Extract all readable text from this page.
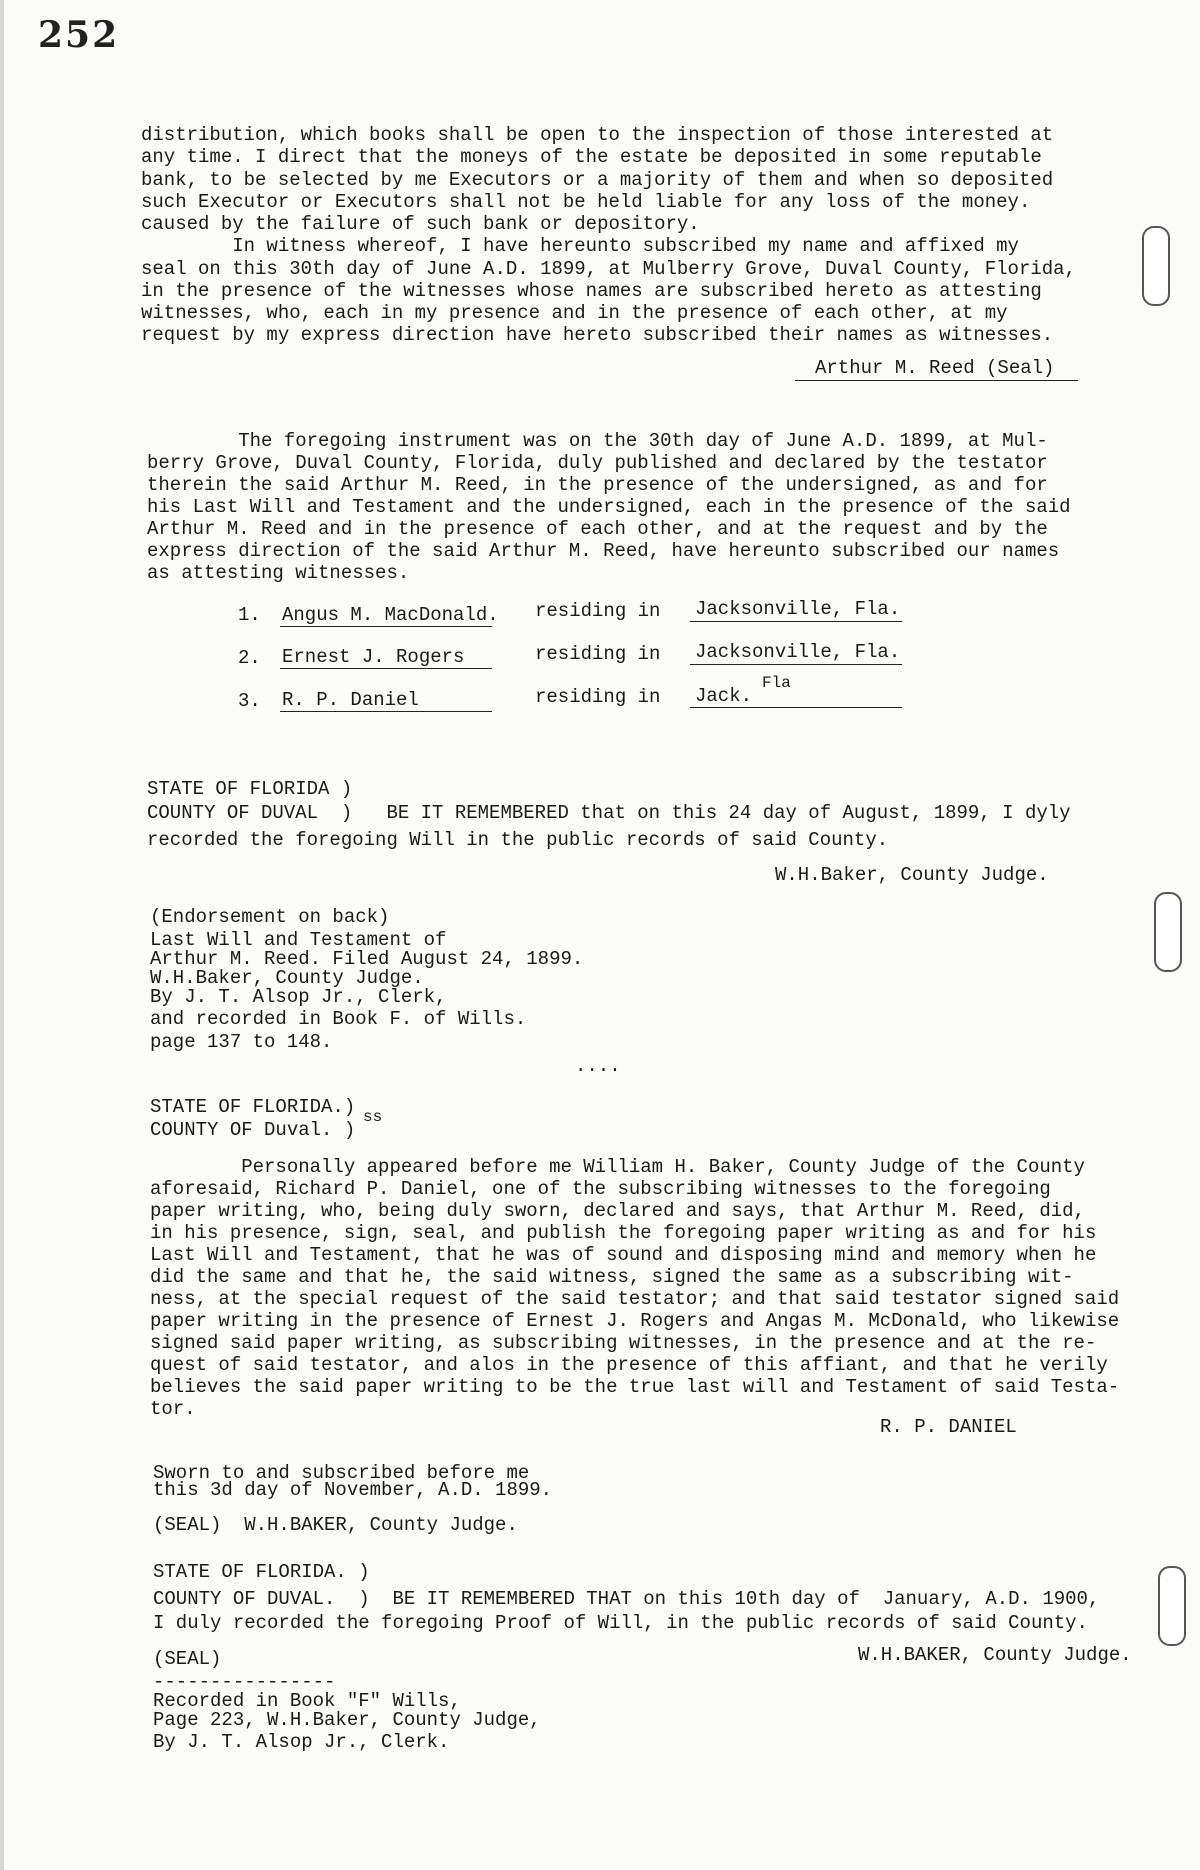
252
distribution, which books shall be open to the inspection of those interested at
any time. I direct that the moneys of the estate be deposited in some reputable
bank, to be selected by me Executors or a majority of them and when so deposited
such Executor or Executors shall not be held liable for any loss of the money.
caused by the failure of such bank or depository.
In witness whereof, I have hereunto subscribed my name and affixed my
seal on this 30th day of June A.D. 1899, at Mulberry Grove, Duval County, Florida,
in the presence of the witnesses whose names are subscribed hereto as attesting
witnesses, who, each in my presence and in the presence of each other, at my
request by my express direction have hereto subscribed their names as witnesses.
Arthur M. Reed (Seal)
The foregoing instrument was on the 30th day of June A.D. 1899, at Mul-
berry Grove, Duval County, Florida, duly published and declared by the testator
therein the said Arthur M. Reed, in the presence of the undersigned, as and for
his Last Will and Testament and the undersigned, each in the presence of the said
Arthur M. Reed and in the presence of each other, and at the request and by the
express direction of the said Arthur M. Reed, have hereunto subscribed our names
as attesting witnesses.
1. Angus M. MacDonald. residing in Jacksonville, Fla.
2. Ernest J. Rogers	residing in Jacksonville, Fla.
3. R. P. Daniel	residing in Jack.
Fla
STATE OF FLORIDA )
COUNTY OF DUVAL  )   BE IT REMEMBERED that on this 24 day of August, 1899, I dyly
recorded the foregoing Will in the public records of said County.
W.H.Baker, County Judge.
(Endorsement on back)
Last Will and Testament of
Arthur M. Reed. Filed August 24, 1899.
W.H.Baker, County Judge.
By J. T. Alsop Jr., Clerk,
and recorded in Book F. of Wills.
page 137 to 148.
....
STATE OF FLORIDA.) ss
COUNTY OF Duval. )
Personally appeared before me William H. Baker, County Judge of the County
aforesaid, Richard P. Daniel, one of the subscribing witnesses to the foregoing
paper writing, who, being duly sworn, declared and says, that Arthur M. Reed, did,
in his presence, sign, seal, and publish the foregoing paper writing as and for his
Last Will and Testament, that he was of sound and disposing mind and memory when he
did the same and that he, the said witness, signed the same as a subscribing wit-
ness, at the special request of the said testator; and that said testator signed said
paper writing in the presence of Ernest J. Rogers and Angas M. McDonald, who likewise
signed said paper writing, as subscribing witnesses, in the presence and at the re-
quest of said testator, and alos in the presence of this affiant, and that he verily
believes the said paper writing to be the true last will and Testament of said Testa-
tor.
R. P. DANIEL
Sworn to and subscribed before me
this 3d day of November, A.D. 1899.
(SEAL)  W.H.BAKER, County Judge.
STATE OF FLORIDA. )
COUNTY OF DUVAL.  )  BE IT REMEMBERED THAT on this 10th day of  January, A.D. 1900,
I duly recorded the foregoing Proof of Will, in the public records of said County.
(SEAL)	W.H.BAKER, County Judge.
----------------
Recorded in Book "F" Wills,
Page 223, W.H.Baker, County Judge,
By J. T. Alsop Jr., Clerk.
